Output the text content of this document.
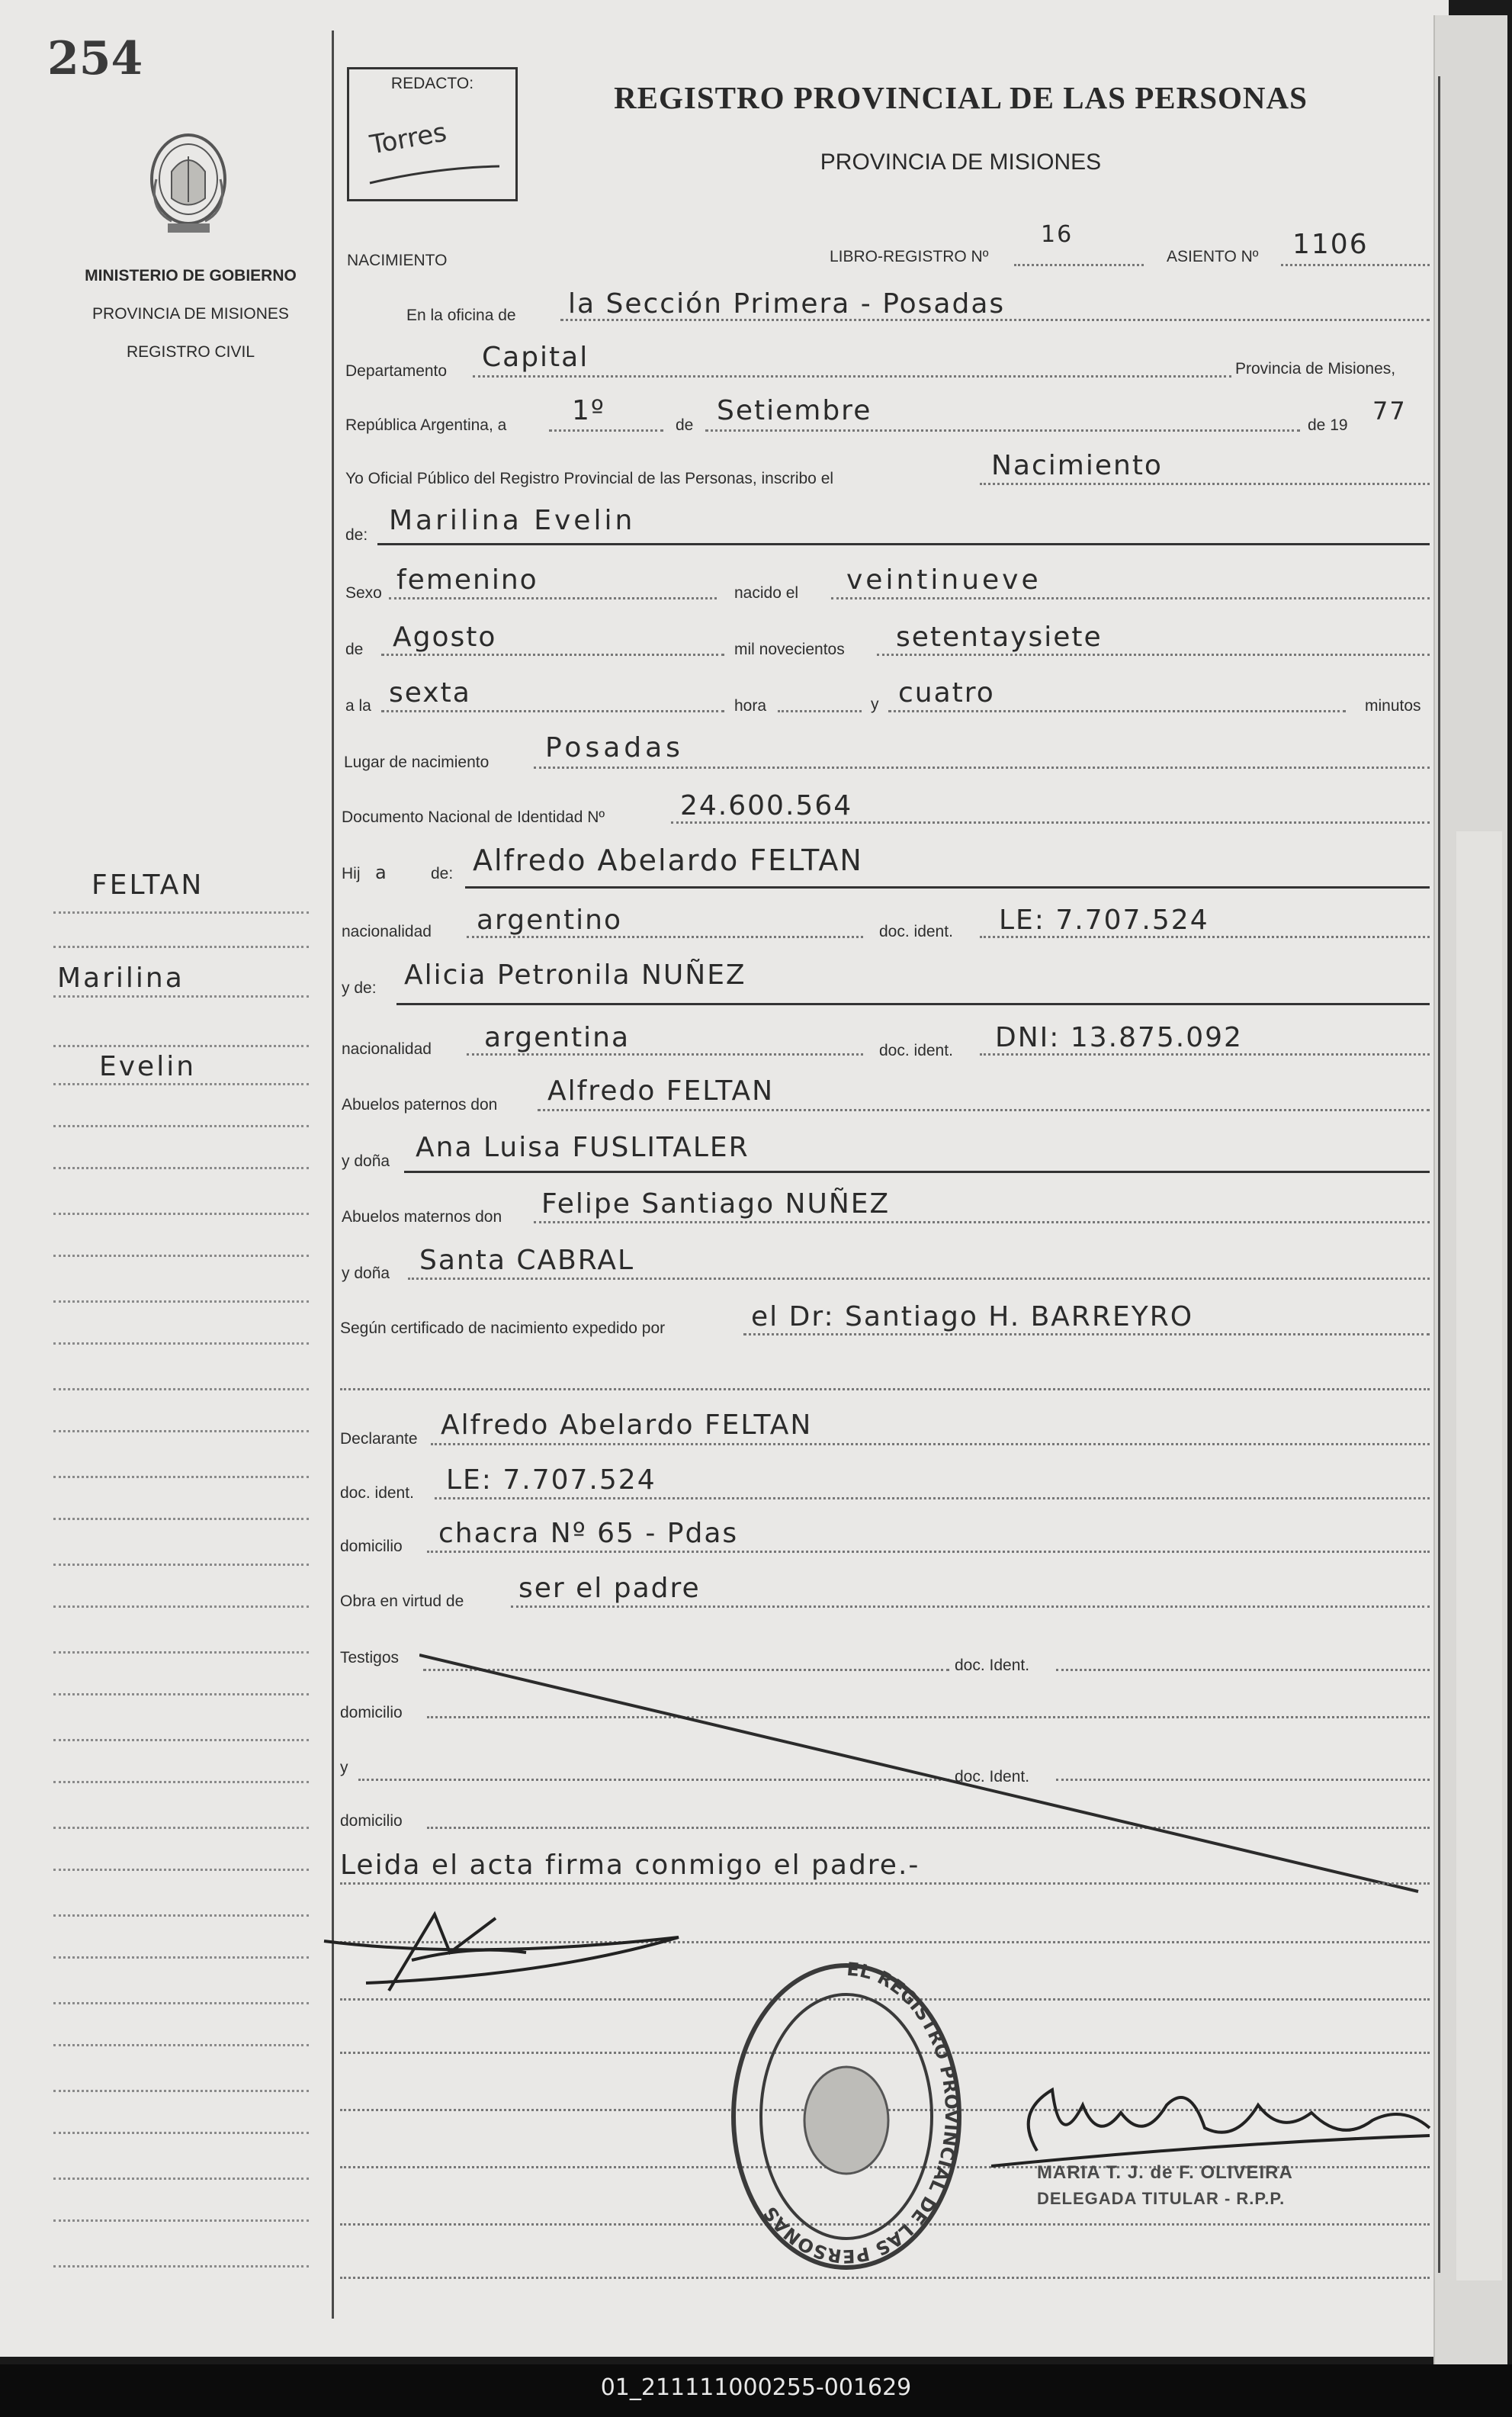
254
MINISTERIO DE GOBIERNO
PROVINCIA DE MISIONES
REGISTRO CIVIL
REDACTO:
Torres
REGISTRO PROVINCIAL DE LAS PERSONAS
PROVINCIA DE MISIONES
NACIMIENTO	LIBRO-REGISTRO Nº
16
ASIENTO Nº 1106
En la oficina de la Sección Primera - Posadas
Departamento Capital	Provincia de Misiones,
República Argentina, a 1º	de Setiembre	de 19 77
Yo Oficial Público del Registro Provincial de las Personas, inscribo el	Nacimiento
de: Marilina Evelin
Sexo femenino	nacido el veintinueve
de Agosto	mil novecientos setentaysiete
a la sexta	hora	y cuatro	minutos
Lugar de nacimiento Posadas
Documento Nacional de Identidad Nº	24.600.564
Hij a	de: Alfredo Abelardo FELTAN
nacionalidad argentino	doc. ident. LE: 7.707.524
y de: Alicia Petronila NUÑEZ
nacionalidad argentina	doc. ident. DNI: 13.875.092
Abuelos paternos don Alfredo FELTAN
y doña Ana Luisa FUSLITALER
Abuelos maternos don Felipe Santiago NUÑEZ
y doña Santa CABRAL
Según certificado de nacimiento expedido por	el Dr: Santiago H. BARREYRO
Declarante Alfredo Abelardo FELTAN
doc. ident. LE: 7.707.524
domicilio chacra Nº 65 - Pdas
Obra en virtud de ser el padre
Testigos	doc. Ident.
domicilio
y
doc. Ident.
domicilio
Leida el acta firma conmigo el padre.-
FELTAN
Marilina
Evelin
EL REGISTRO PROVINCIAL DE LAS PERSONAS
MARIA T. J. de F. OLIVEIRA
DELEGADA TITULAR - R.P.P.
01_211111000255-001629
